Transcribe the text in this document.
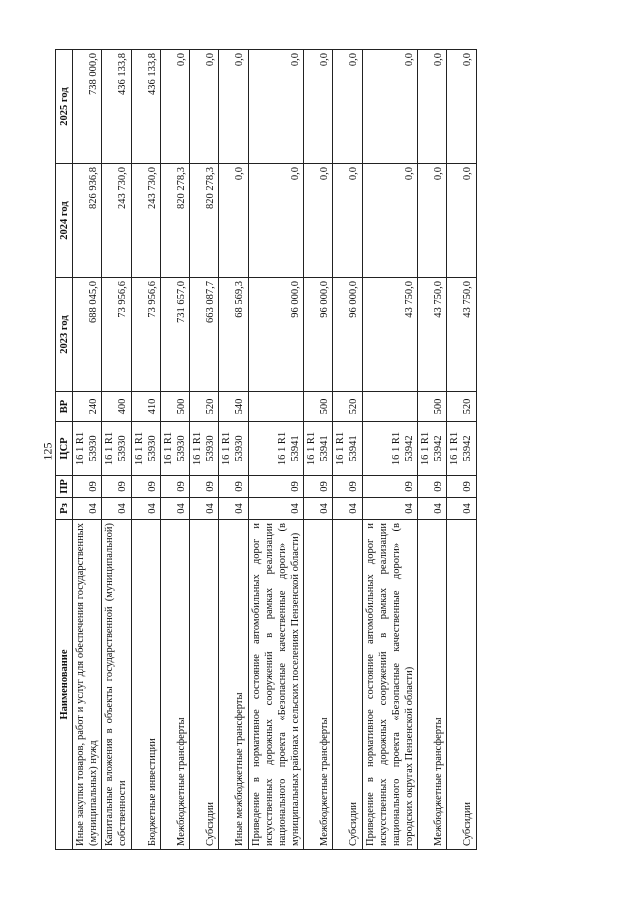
125
Наименование	Рз	ПР	ЦСР	ВР	2023 год	2024 год	2025 год
Иные закупки товаров, работ и услуг для обеспечения государственных (муниципальных) нужд	04	09	16 1 R1 53930	240	688 045,0	826 936,8	738 000,0
Капитальные вложения в объекты государственной (муниципальной) собственности	04	09	16 1 R1 53930	400	73 956,6	243 730,0	436 133,8
Бюджетные инвестиции	04	09	16 1 R1 53930	410	73 956,6	243 730,0	436 133,8
Межбюджетные трансферты	04	09	16 1 R1 53930	500	731 657,0	820 278,3	0,0
Субсидии	04	09	16 1 R1 53930	520	663 087,7	820 278,3	0,0
Иные межбюджетные трансферты	04	09	16 1 R1 53930	540	68 569,3	0,0	0,0
Приведение в нормативное состояние автомобильных дорог и искусственных дорожных сооружений в рамках реализации национального проекта «Безопасные качественные дороги» (в муниципальных районах и сельских поселениях Пензенской области)	04	09	16 1 R1 53941		96 000,0	0,0	0,0
Межбюджетные трансферты	04	09	16 1 R1 53941	500	96 000,0	0,0	0,0
Субсидии	04	09	16 1 R1 53941	520	96 000,0	0,0	0,0
Приведение в нормативное состояние автомобильных дорог и искусственных дорожных сооружений в рамках реализации национального проекта «Безопасные качественные дороги» (в городских округах Пензенской области)	04	09	16 1 R1 53942		43 750,0	0,0	0,0
Межбюджетные трансферты	04	09	16 1 R1 53942	500	43 750,0	0,0	0,0
Субсидии	04	09	16 1 R1 53942	520	43 750,0	0,0	0,0
